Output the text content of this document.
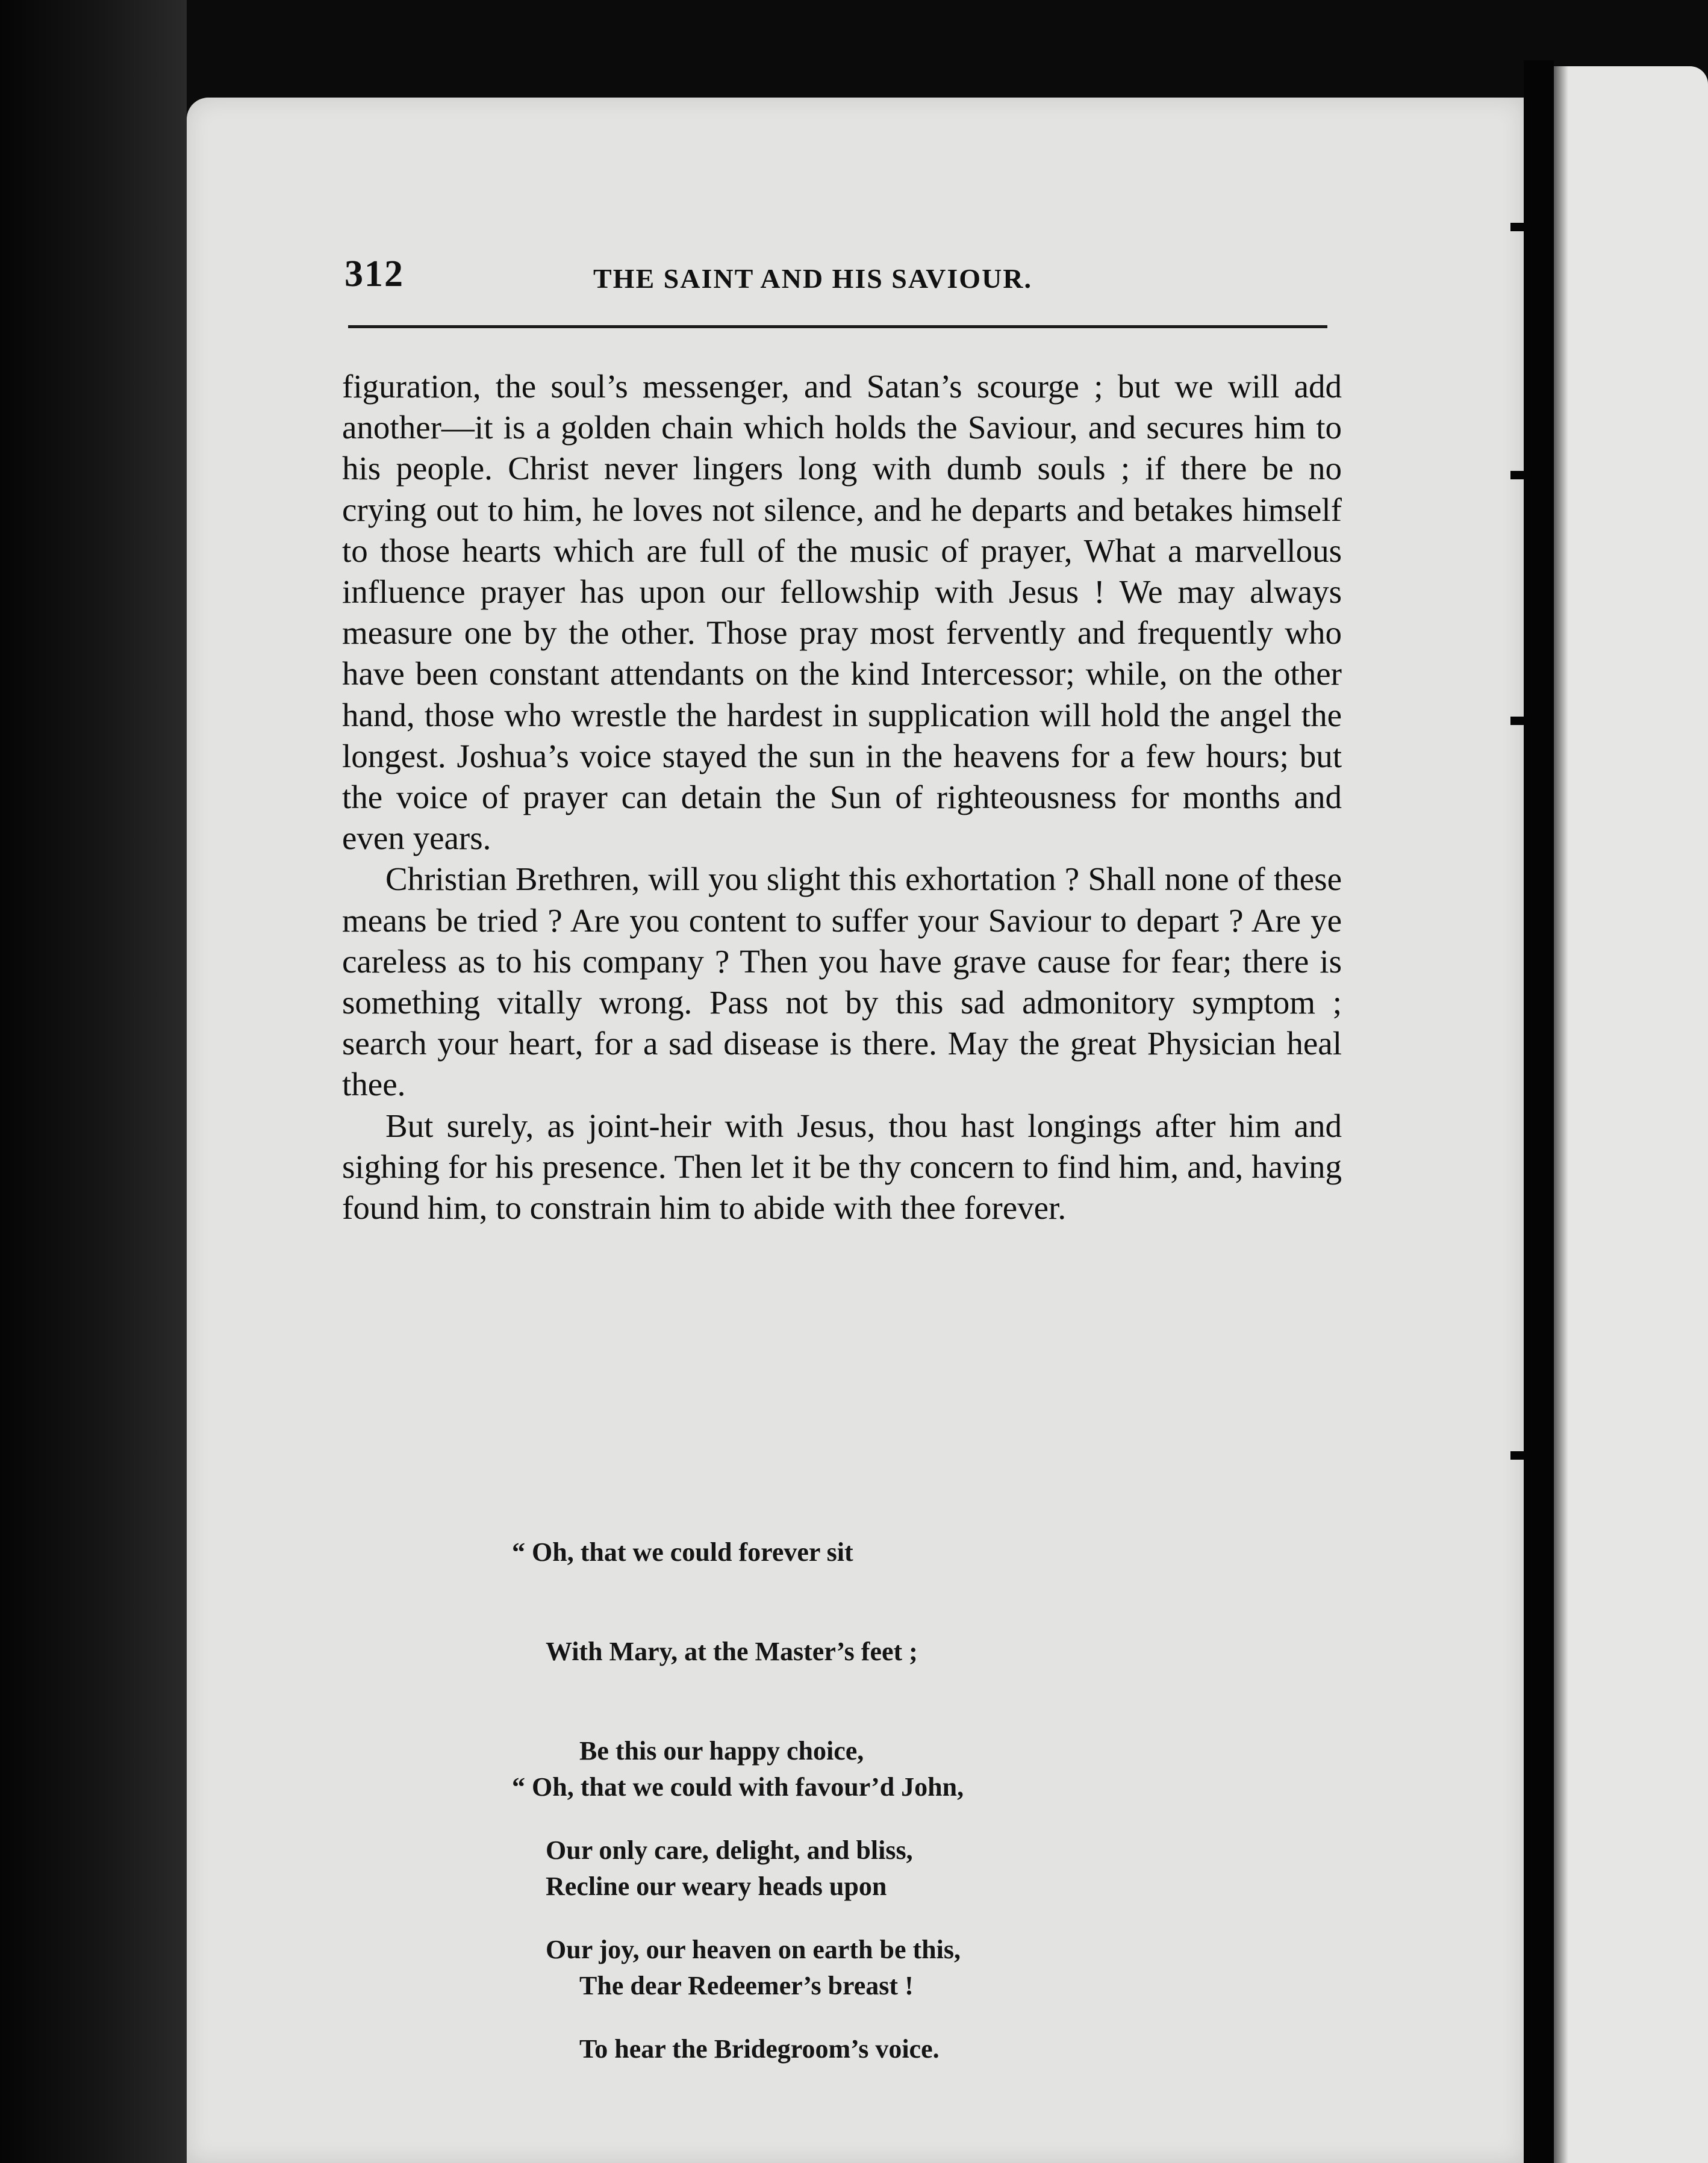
312	THE SAINT AND HIS SAVIOUR.

figuration, the soul’s messenger, and Satan’s scourge ; but we will add another—it is a golden chain which holds the Saviour, and secures him to his people. Christ never lingers long with dumb souls ; if there be no crying out to him, he loves not silence, and he departs and betakes himself to those hearts which are full of the music of prayer, What a marvellous influence prayer has upon our fellowship with Jesus ! We may always measure one by the other. Those pray most fervently and frequently who have been constant attendants on the kind Intercessor; while, on the other hand, those who wrestle the hardest in supplication will hold the angel the longest. Joshua’s voice stayed the sun in the heavens for a few hours; but the voice of prayer can detain the Sun of righteousness for months and even years.

Christian Brethren, will you slight this exhortation ? Shall none of these means be tried ? Are you content to suffer your Saviour to depart ? Are ye careless as to his company ? Then you have grave cause for fear; there is something vitally wrong. Pass not by this sad admonitory symptom ; search your heart, for a sad disease is there. May the great Physician heal thee.

But surely, as joint-heir with Jesus, thou hast longings after him and sighing for his presence. Then let it be thy concern to find him, and, having found him, to constrain him to abide with thee forever.

“ Oh, that we could forever sit

With Mary, at the Master’s feet ;

Be this our happy choice,

Our only care, delight, and bliss,

Our joy, our heaven on earth be this,

To hear the Bridegroom’s voice.

“ Oh, that we could with favour’d John,

Recline our weary heads upon

The dear Redeemer’s breast !
